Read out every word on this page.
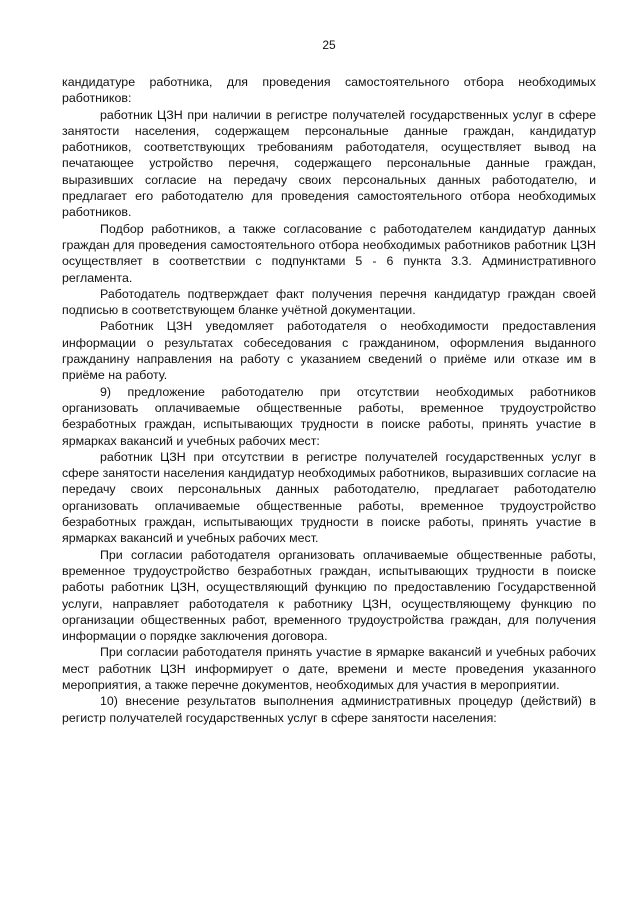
25

кандидатуре работника, для проведения самостоятельного отбора необходимых работников:

работник ЦЗН при наличии в регистре получателей государственных услуг в сфере занятости населения, содержащем персональные данные граждан, кандидатур работников, соответствующих требованиям работодателя, осуществляет вывод на печатающее устройство перечня, содержащего персональные данные граждан, выразивших согласие на передачу своих персональных данных работодателю, и предлагает его работодателю для проведения самостоятельного отбора необходимых работников.

Подбор работников, а также согласование с работодателем кандидатур данных граждан для проведения самостоятельного отбора необходимых работников работник ЦЗН осуществляет в соответствии с подпунктами 5 - 6 пункта 3.3. Административного регламента.

Работодатель подтверждает факт получения перечня кандидатур граждан своей подписью в соответствующем бланке учётной документации.

Работник ЦЗН уведомляет работодателя о необходимости предоставления информации о результатах собеседования с гражданином, оформления выданного гражданину направления на работу с указанием сведений о приёме или отказе им в приёме на работу.

9) предложение работодателю при отсутствии необходимых работников организовать оплачиваемые общественные работы, временное трудоустройство безработных граждан, испытывающих трудности в поиске работы, принять участие в ярмарках вакансий и учебных рабочих мест:

работник ЦЗН при отсутствии в регистре получателей государственных услуг в сфере занятости населения кандидатур необходимых работников, выразивших согласие на передачу своих персональных данных работодателю, предлагает работодателю организовать оплачиваемые общественные работы, временное трудоустройство безработных граждан, испытывающих трудности в поиске работы, принять участие в ярмарках вакансий и учебных рабочих мест.

При согласии работодателя организовать оплачиваемые общественные работы, временное трудоустройство безработных граждан, испытывающих трудности в поиске работы работник ЦЗН, осуществляющий функцию по предоставлению Государственной услуги, направляет работодателя к работнику ЦЗН, осуществляющему функцию по организации общественных работ, временного трудоустройства граждан, для получения информации о порядке заключения договора.

При согласии работодателя принять участие в ярмарке вакансий и учебных рабочих мест работник ЦЗН информирует о дате, времени и месте проведения указанного мероприятия, а также перечне документов, необходимых для участия в мероприятии.

10) внесение результатов выполнения административных процедур (действий) в регистр получателей государственных услуг в сфере занятости населения:
